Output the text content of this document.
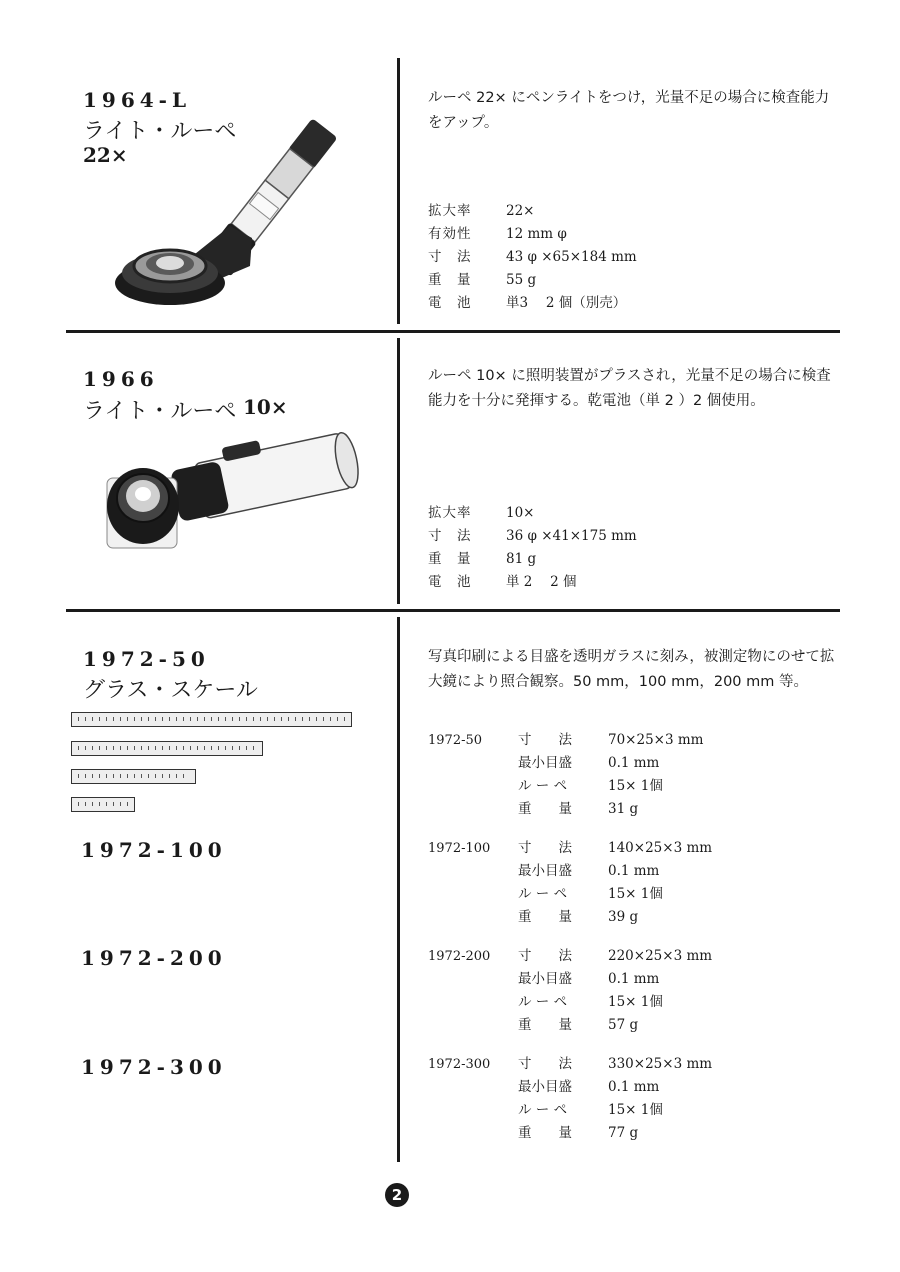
1964-L
ライト・ルーペ
22×
ルーペ 22× にペンライトをつけ，光量不足の場合に検査能力をアップ。
拡大率	22×
有効性	12 mm φ
寸　法	43 φ ×65×184 mm
重　量	55 g
電　池	単3　 2 個（別売）
1966
ライト・ルーペ 10×
ルーペ 10× に照明装置がプラスされ，光量不足の場合に検査能力を十分に発揮する。乾電池（単 2 ）2 個使用。
拡大率	10×
寸　法	36 φ ×41×175 mm
重　量	81 g
電　池	単 2　 2 個
1972-50
グラス・スケール
1972-100
1972-200
1972-300
写真印刷による目盛を透明ガラスに刻み，被測定物にのせて拡大鏡により照合観察。50 mm，100 mm，200 mm 等。
1972-50	寸　　法	70×25×3 mm
最小目盛	0.1 mm
ル ー ペ	15× 1個
重　　量	31 g
1972-100	寸　　法	140×25×3 mm
最小目盛	0.1 mm
ル ー ペ	15× 1個
重　　量	39 g
1972-200	寸　　法	220×25×3 mm
最小目盛	0.1 mm
ル ー ペ	15× 1個
重　　量	57 g
1972-300	寸　　法	330×25×3 mm
最小目盛	0.1 mm
ル ー ペ	15× 1個
重　　量	77 g
2
